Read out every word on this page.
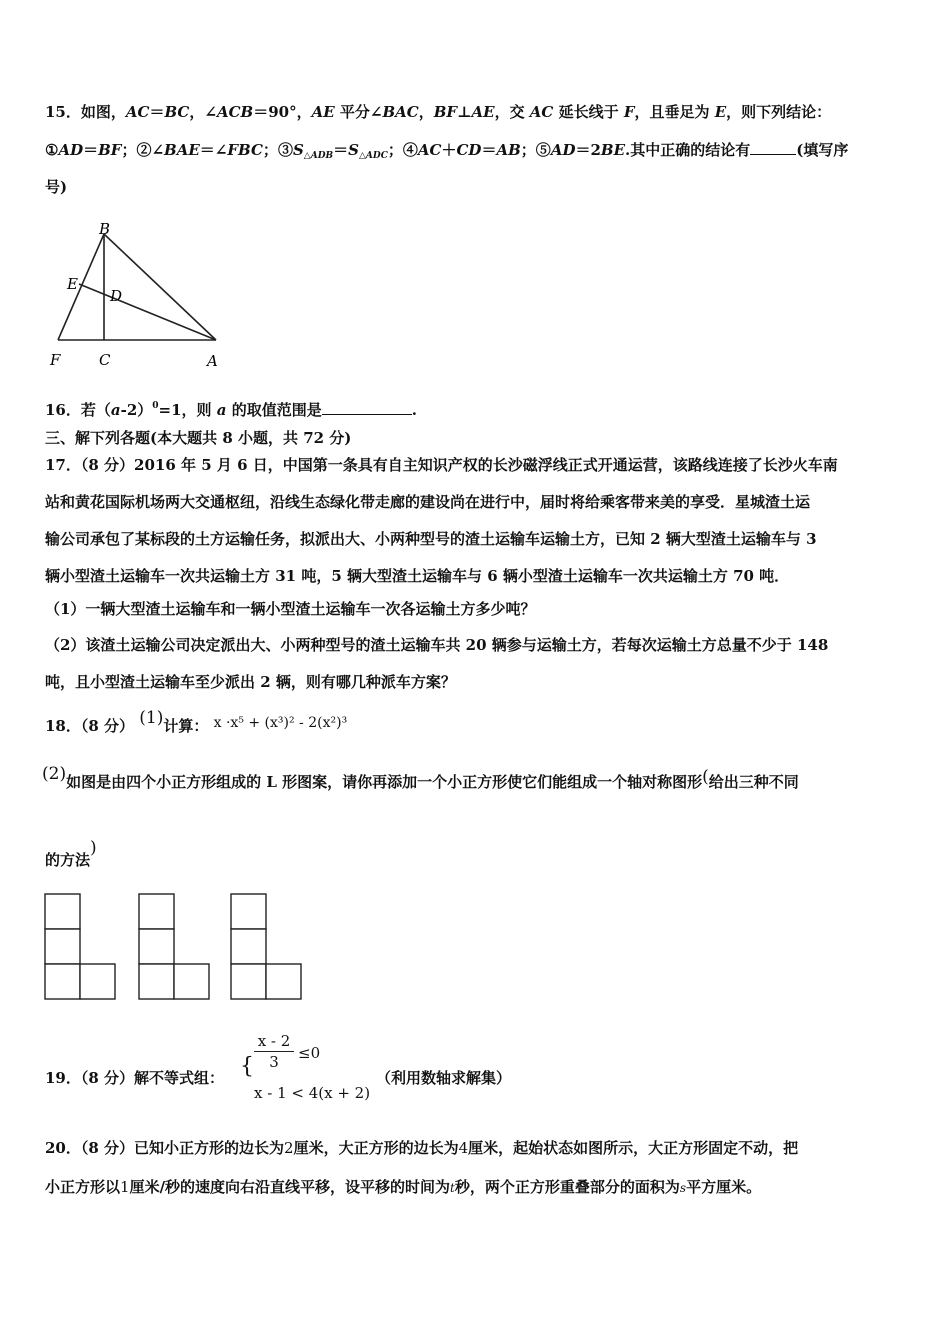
15．如图，AC＝BC，∠ACB＝90°，AE 平分∠BAC，BF⊥AE，交 AC 延长线于 F，且垂足为 E，则下列结论：
①AD＝BF；②∠BAE＝∠FBC；$③S_{\triangle ADB}=S_{\triangle ADC}$；④AC＋CD＝AB；⑤AD＝2BE.其中正确的结论有	(填写序
号)
B
E
D
F	C	A
16．若$(a-2)^0=1$，则 a 的取值范围是	.
三、解下列各题(本大题共 8 小题，共 72 分)
17．（8 分）2016 年 5 月 6 日，中国第一条具有自主知识产权的长沙磁浮线正式开通运营，该路线连接了长沙火车南
站和黄花国际机场两大交通枢纽，沿线生态绿化带走廊的建设尚在进行中，届时将给乘客带来美的享受．星城渣土运
输公司承包了某标段的土方运输任务，拟派出大、小两种型号的渣土运输车运输土方，已知 2 辆大型渣土运输车与 3
辆小型渣土运输车一次共运输土方 31 吨，5 辆大型渣土运输车与 6 辆小型渣土运输车一次共运输土方 70 吨．
（1）一辆大型渣土运输车和一辆小型渣土运输车一次各运输土方多少吨？
（2）该渣土运输公司决定派出大、小两种型号的渣土运输车共 20 辆参与运输土方，若每次运输土方总量不少于 148
吨，且小型渣土运输车至少派出 2 辆，则有哪几种派车方案？
18．（8 分） (1)计算： x ·x⁵ + (x³)² - 2(x²)³
(2)如图是由四个小正方形组成的 L 形图案，请你再添加一个小正方形使它们能组成一个轴对称图形(给出三种不同
的方法)
19．（8 分）解不等式组： {
x - 2
3	≤0
x - 1 < 4(x + 2)
（利用数轴求解集）
20．（8 分）已知小正方形的边长为2厘米，大正方形的边长为4厘米，起始状态如图所示，大正方形固定不动，把
小正方形以1厘米/秒的速度向右沿直线平移，设平移的时间为t秒，两个正方形重叠部分的面积为s平方厘米。
